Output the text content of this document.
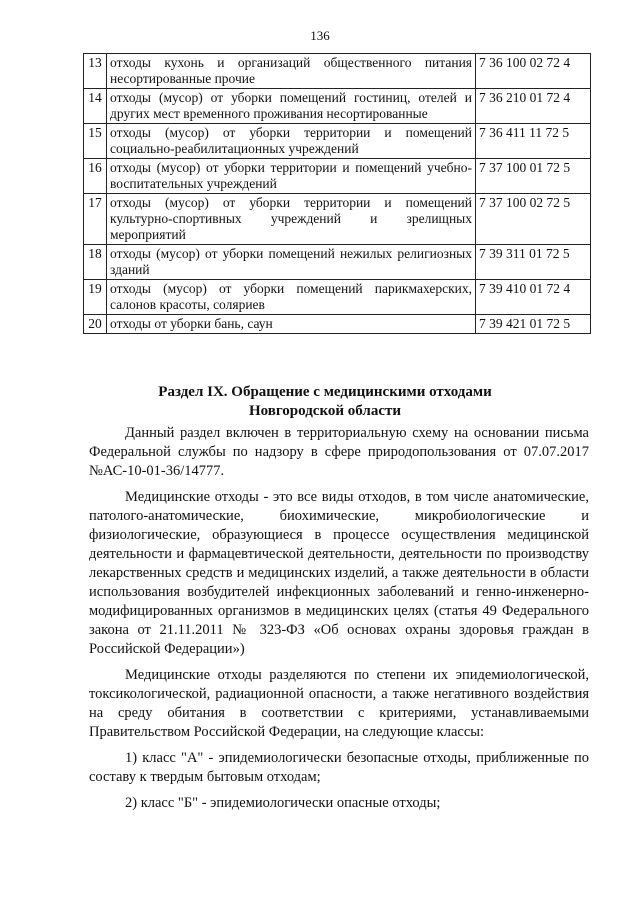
136
13	отходы кухонь и организаций общественного питания несортированные прочие	7 36 100 02 72 4
14	отходы (мусор) от уборки помещений гостиниц, отелей и других мест временного проживания несортированные	7 36 210 01 72 4
15	отходы (мусор) от уборки территории и помещений социально-реабилитационных учреждений	7 36 411 11 72 5
16	отходы (мусор) от уборки территории и помещений учебно-воспитательных учреждений	7 37 100 01 72 5
17	отходы (мусор) от уборки территории и помещений культурно-спортивных учреждений и зрелищных мероприятий	7 37 100 02 72 5
18	отходы (мусор) от уборки помещений нежилых религиозных зданий	7 39 311 01 72 5
19	отходы (мусор) от уборки помещений парикмахерских, салонов красоты, соляриев	7 39 410 01 72 4
20	отходы от уборки бань, саун	7 39 421 01 72 5
Раздел IX. Обращение с медицинскими отходами Новгородской области

Данный раздел включен в территориальную схему на основании письма Федеральной службы по надзору в сфере природопользования от 07.07.2017 №АС-10-01-36/14777.

Медицинские отходы - это все виды отходов, в том числе анатомические, патолого-анатомические, биохимические, микробиологические и физиологические, образующиеся в процессе осуществления медицинской деятельности и фармацевтической деятельности, деятельности по производству лекарственных средств и медицинских изделий, а также деятельности в области использования возбудителей инфекционных заболеваний и генно-инженерно-модифицированных организмов в медицинских целях (статья 49 Федерального закона от 21.11.2011 № 323-ФЗ «Об основах охраны здоровья граждан в Российской Федерации»)

Медицинские отходы разделяются по степени их эпидемиологической, токсикологической, радиационной опасности, а также негативного воздействия на среду обитания в соответствии с критериями, устанавливаемыми Правительством Российской Федерации, на следующие классы:

1) класс "А" - эпидемиологически безопасные отходы, приближенные по составу к твердым бытовым отходам;

2) класс "Б" - эпидемиологически опасные отходы;
